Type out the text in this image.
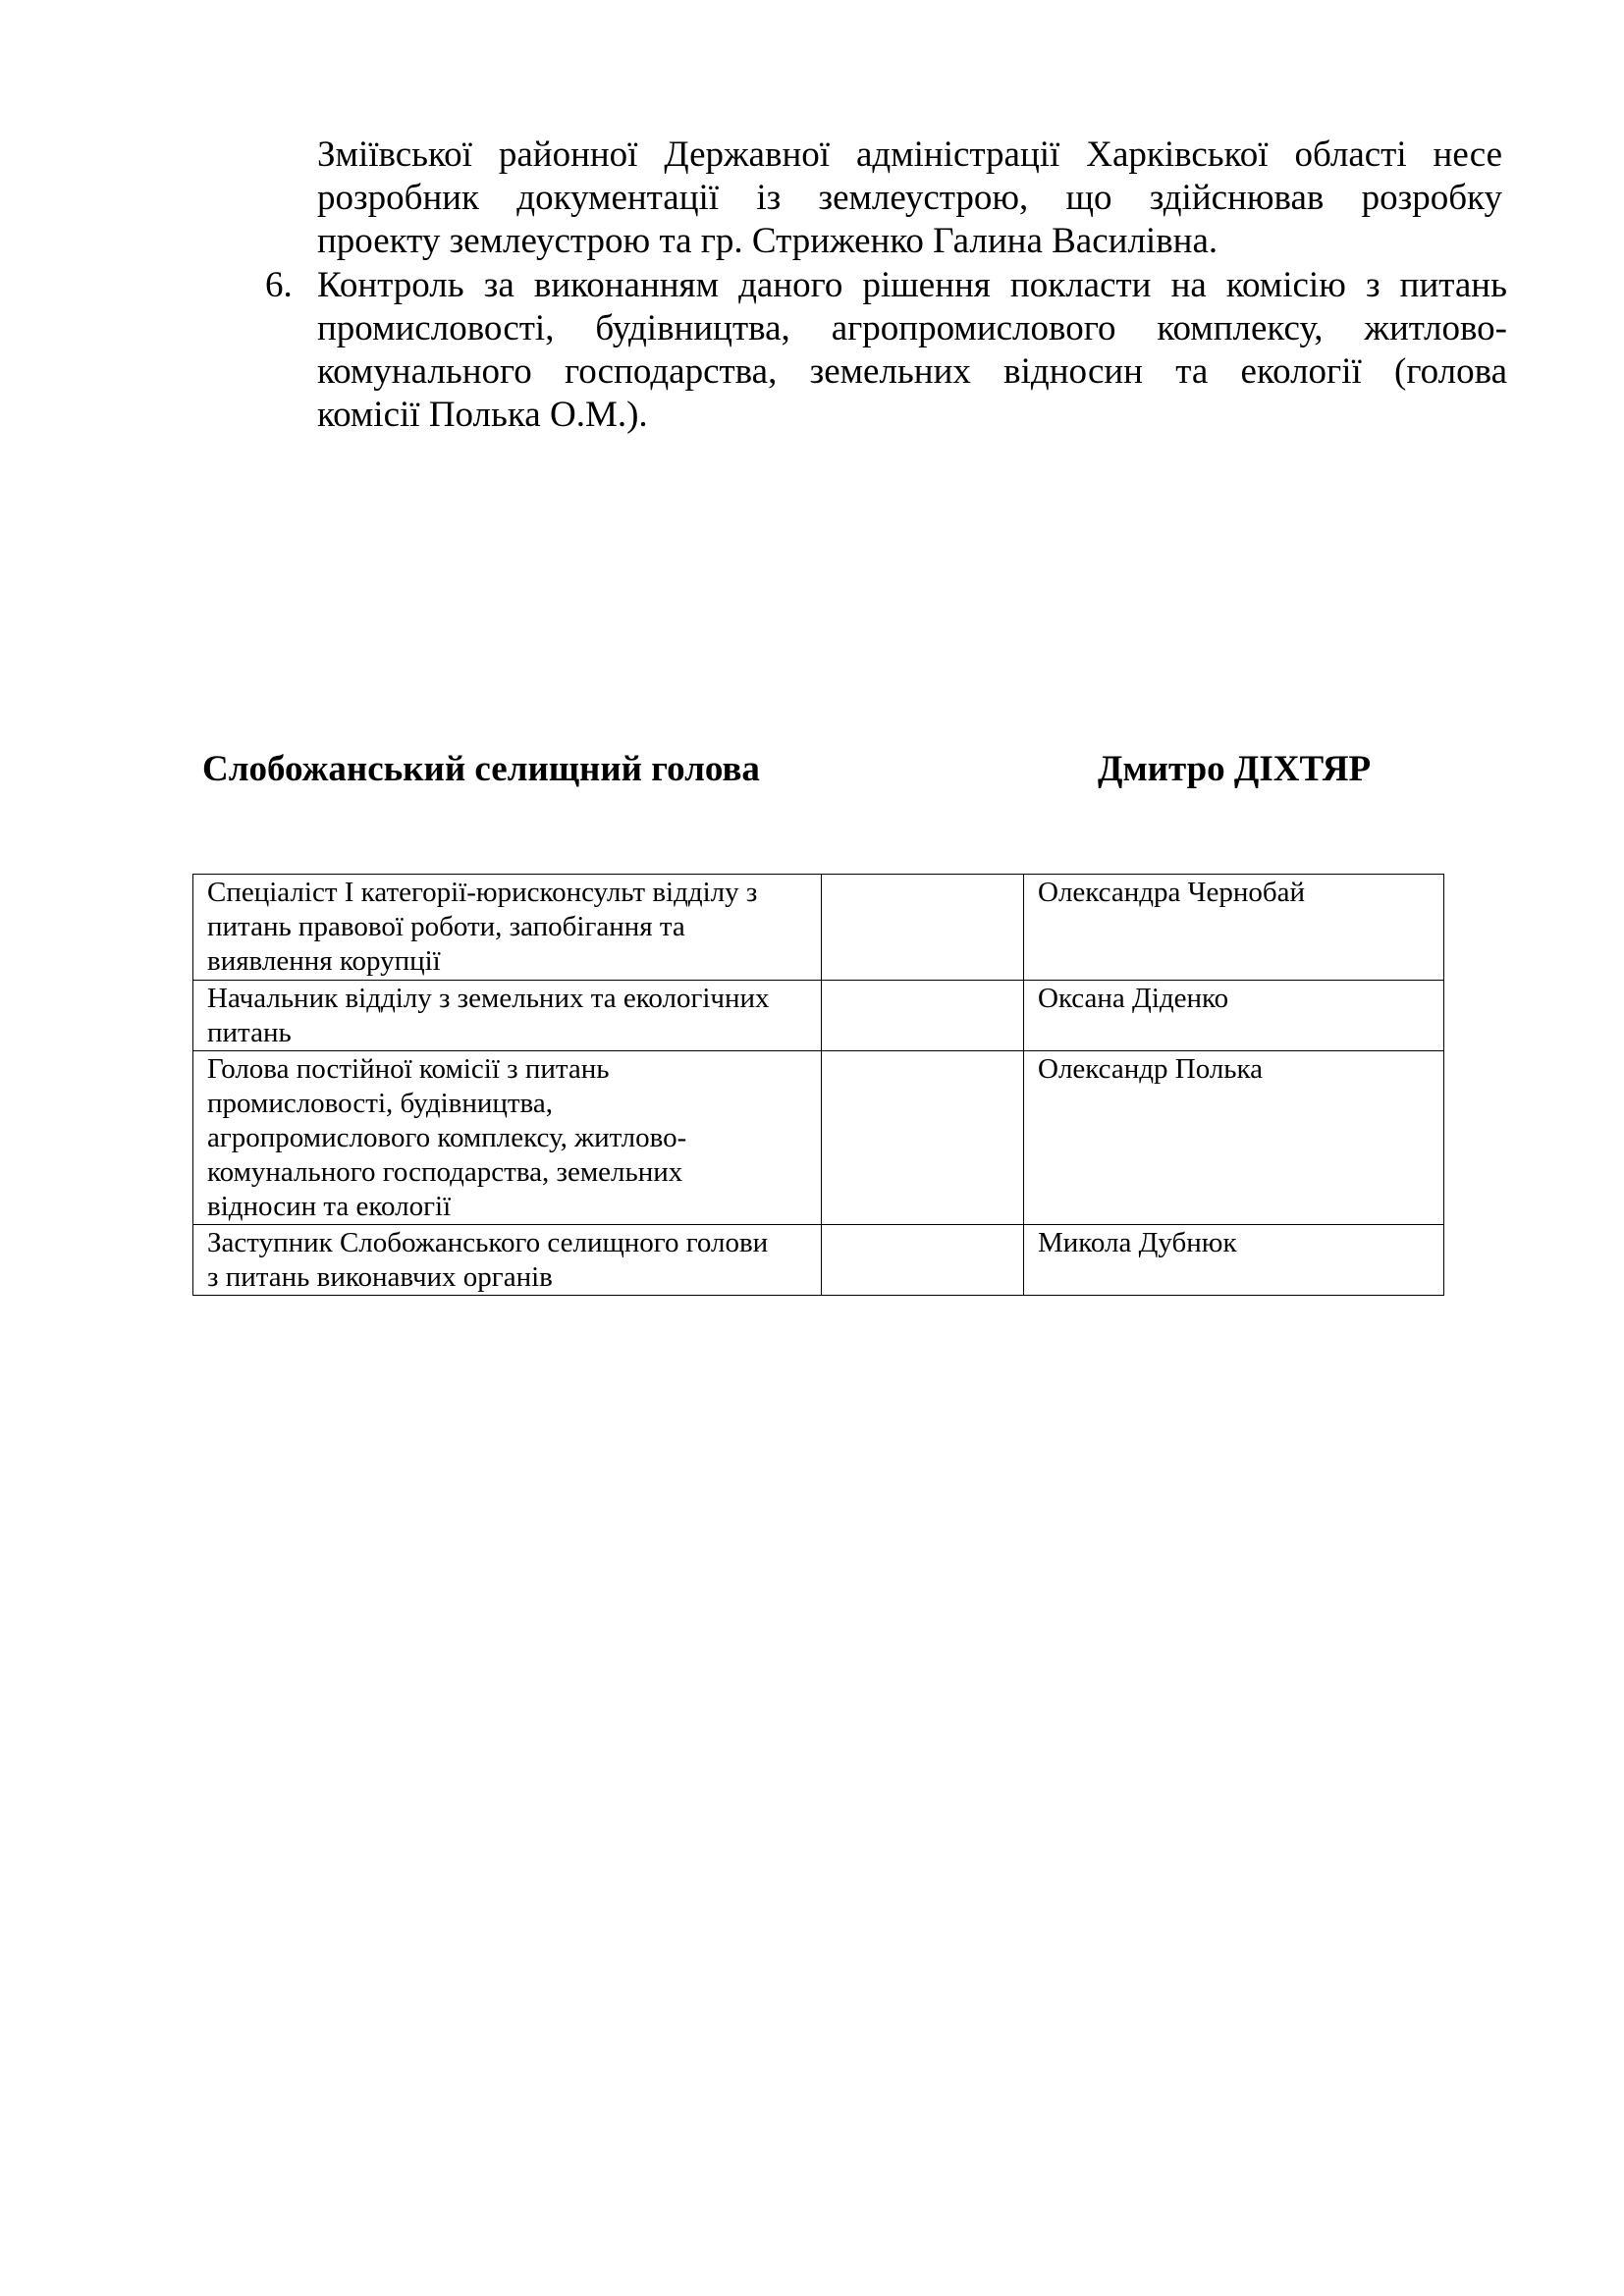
Зміївської районної Державної адміністрації Харківської області несе
розробник документації із землеустрою, що здійснював розробку
проекту землеустрою та гр. Стриженко Галина Василівна.
6. Контроль за виконанням даного рішення покласти на комісію з питань
промисловості, будівництва, агропромислового комплексу, житлово-
комунального господарства, земельних відносин та екології (голова
комісії Полька О.М.).
Слобожанський селищний голова	Дмитро ДІХТЯР
Спеціаліст І категорії-юрисконсульт відділу з
питань правової роботи, запобігання та
виявлення корупції		Олександра Чернобай

Начальник відділу з земельних та екологічних
питань		Оксана Діденко

Голова постійної комісії з питань
промисловості, будівництва,
агропромислового комплексу, житлово-
комунального господарства, земельних
відносин та екології		Олександр Полька

Заступник Слобожанського селищного голови
з питань виконавчих органів		Микола Дубнюк
